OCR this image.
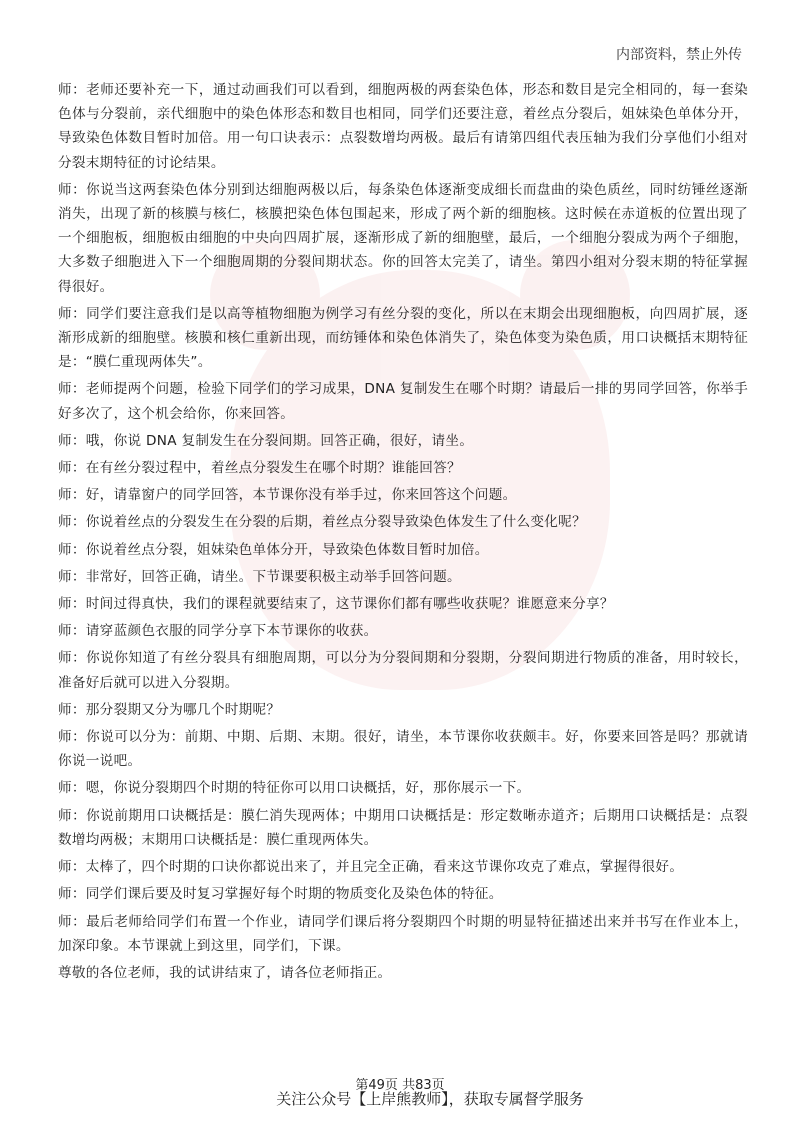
内部资料，禁止外传

师：老师还要补充一下，通过动画我们可以看到，细胞两极的两套染色体，形态和数目是完全相同的，每一套染色体与分裂前，亲代细胞中的染色体形态和数目也相同，同学们还要注意，着丝点分裂后，姐妹染色单体分开，导致染色体数目暂时加倍。用一句口诀表示：点裂数增均两极。最后有请第四组代表压轴为我们分享他们小组对分裂末期特征的讨论结果。

师：你说当这两套染色体分别到达细胞两极以后，每条染色体逐渐变成细长而盘曲的染色质丝，同时纺锤丝逐渐消失，出现了新的核膜与核仁，核膜把染色体包围起来，形成了两个新的细胞核。这时候在赤道板的位置出现了一个细胞板，细胞板由细胞的中央向四周扩展，逐渐形成了新的细胞壁，最后，一个细胞分裂成为两个子细胞，大多数子细胞进入下一个细胞周期的分裂间期状态。你的回答太完美了，请坐。第四小组对分裂末期的特征掌握得很好。

师：同学们要注意我们是以高等植物细胞为例学习有丝分裂的变化，所以在末期会出现细胞板，向四周扩展，逐渐形成新的细胞壁。核膜和核仁重新出现，而纺锤体和染色体消失了，染色体变为染色质，用口诀概括末期特征是：“膜仁重现两体失”。

师：老师提两个问题，检验下同学们的学习成果，DNA 复制发生在哪个时期？请最后一排的男同学回答，你举手好多次了，这个机会给你，你来回答。

师：哦，你说 DNA 复制发生在分裂间期。回答正确，很好，请坐。

师：在有丝分裂过程中，着丝点分裂发生在哪个时期？谁能回答？

师：好，请靠窗户的同学回答，本节课你没有举手过，你来回答这个问题。

师：你说着丝点的分裂发生在分裂的后期，着丝点分裂导致染色体发生了什么变化呢？

师：你说着丝点分裂，姐妹染色单体分开，导致染色体数目暂时加倍。

师：非常好，回答正确，请坐。下节课要积极主动举手回答问题。

师：时间过得真快，我们的课程就要结束了，这节课你们都有哪些收获呢？谁愿意来分享？

师：请穿蓝颜色衣服的同学分享下本节课你的收获。

师：你说你知道了有丝分裂具有细胞周期，可以分为分裂间期和分裂期，分裂间期进行物质的准备，用时较长，准备好后就可以进入分裂期。

师：那分裂期又分为哪几个时期呢？

师：你说可以分为：前期、中期、后期、末期。很好，请坐，本节课你收获颇丰。好，你要来回答是吗？那就请你说一说吧。

师：嗯，你说分裂期四个时期的特征你可以用口诀概括，好，那你展示一下。

师：你说前期用口诀概括是：膜仁消失现两体；中期用口诀概括是：形定数晰赤道齐；后期用口诀概括是：点裂数增均两极；末期用口诀概括是：膜仁重现两体失。

师：太棒了，四个时期的口诀你都说出来了，并且完全正确，看来这节课你攻克了难点，掌握得很好。

师：同学们课后要及时复习掌握好每个时期的物质变化及染色体的特征。

师：最后老师给同学们布置一个作业，请同学们课后将分裂期四个时期的明显特征描述出来并书写在作业本上，加深印象。本节课就上到这里，同学们，下课。

尊敬的各位老师，我的试讲结束了，请各位老师指正。

第49页 共83页
关注公众号【上岸熊教师】，获取专属督学服务
